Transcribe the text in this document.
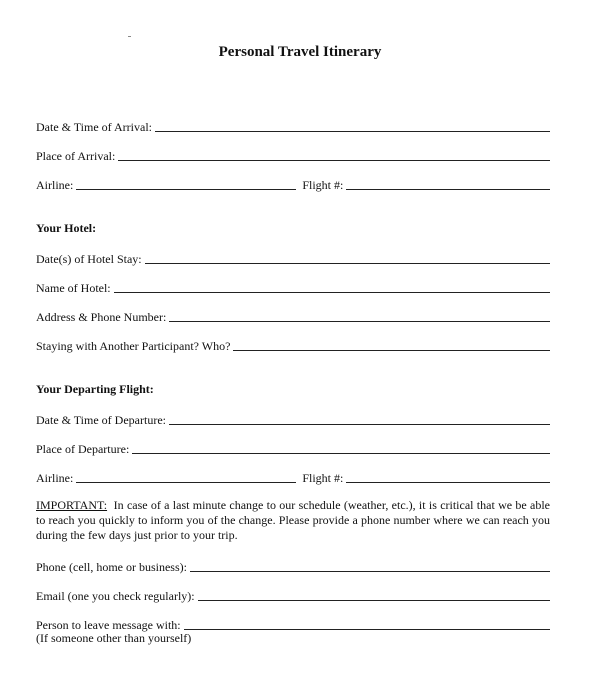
Personal Travel Itinerary
Date & Time of Arrival:
Place of Arrival:
Airline:	Flight #:
Your Hotel:
Date(s) of Hotel Stay:
Name of Hotel:
Address & Phone Number:
Staying with Another Participant? Who?
Your Departing Flight:
Date & Time of Departure:
Place of Departure:
Airline:	Flight #:
IMPORTANT: In case of a last minute change to our schedule (weather, etc.), it is critical that we be able to reach you quickly to inform you of the change. Please provide a phone number where we can reach you during the few days just prior to your trip.
Phone (cell, home or business):
Email (one you check regularly):
Person to leave message with:
(If someone other than yourself)
